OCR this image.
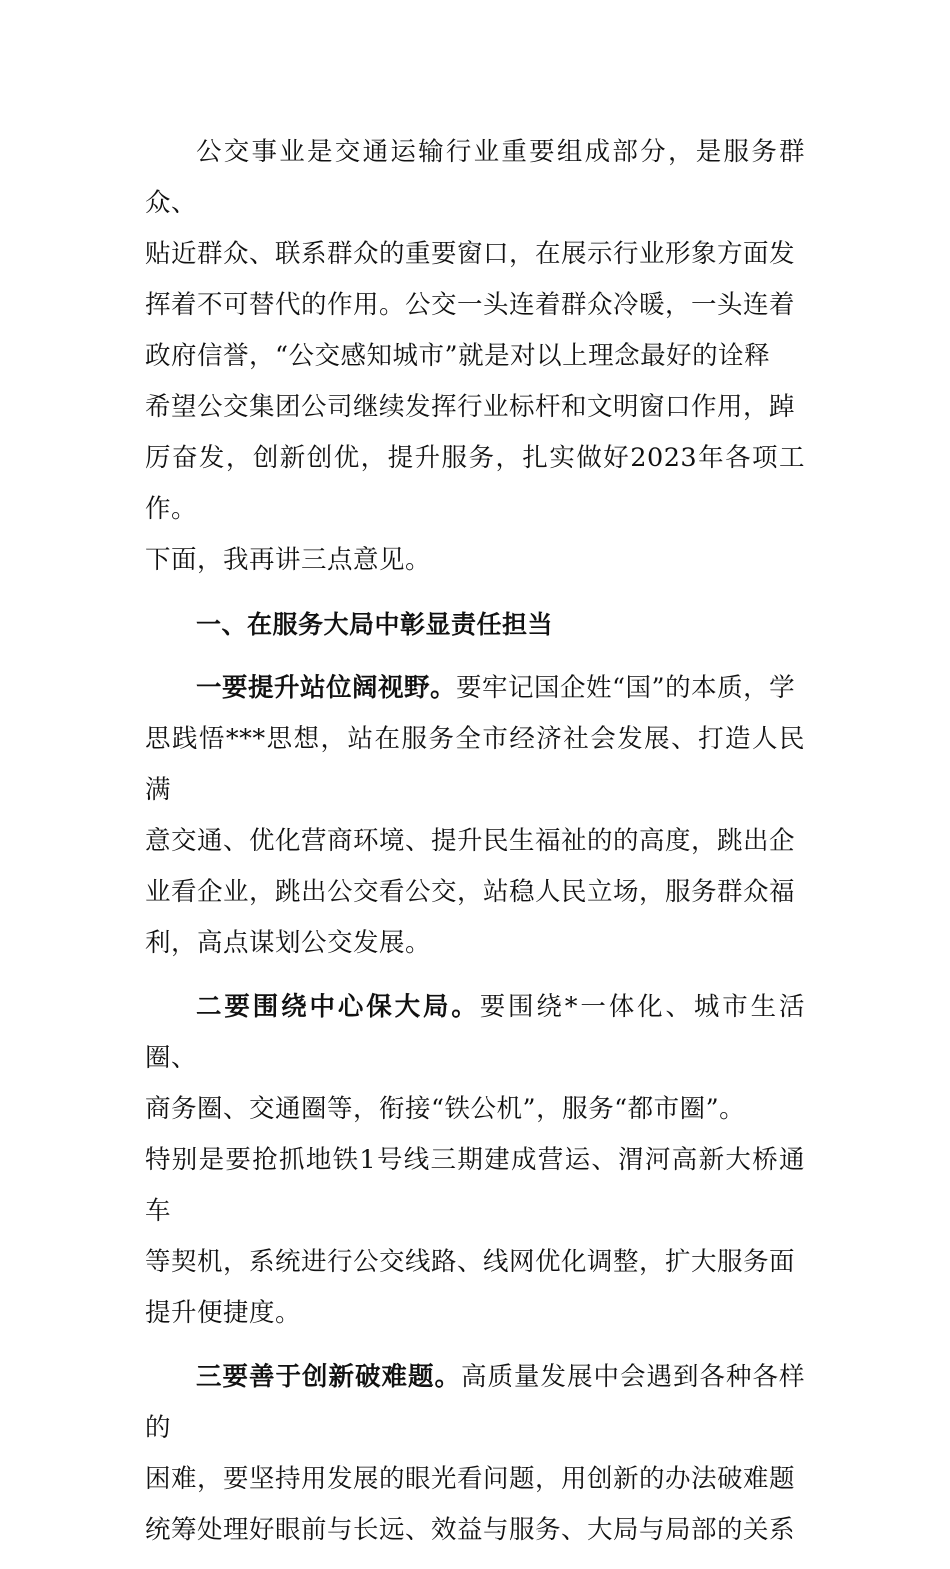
公交事业是交通运输行业重要组成部分，是服务群众、
贴近群众、联系群众的重要窗口，在展示行业形象方面发
挥着不可替代的作用。公交一头连着群众冷暖，一头连着
政府信誉，“公交感知城市”就是对以上理念最好的诠释
希望公交集团公司继续发挥行业标杆和文明窗口作用，踔
厉奋发，创新创优，提升服务，扎实做好2023年各项工作。
下面，我再讲三点意见。

一、在服务大局中彰显责任担当

一要提升站位阔视野。要牢记国企姓“国”的本质，学
思践悟***思想，站在服务全市经济社会发展、打造人民满
意交通、优化营商环境、提升民生福祉的的高度，跳出企
业看企业，跳出公交看公交，站稳人民立场，服务群众福
利，高点谋划公交发展。

二要围绕中心保大局。要围绕*一体化、城市生活圈、
商务圈、交通圈等，衔接“铁公机”，服务“都市圈”。
特别是要抢抓地铁1号线三期建成营运、渭河高新大桥通车
等契机，系统进行公交线路、线网优化调整，扩大服务面
提升便捷度。

三要善于创新破难题。高质量发展中会遇到各种各样的
困难，要坚持用发展的眼光看问题，用创新的办法破难题
统筹处理好眼前与长远、效益与服务、大局与局部的关系
